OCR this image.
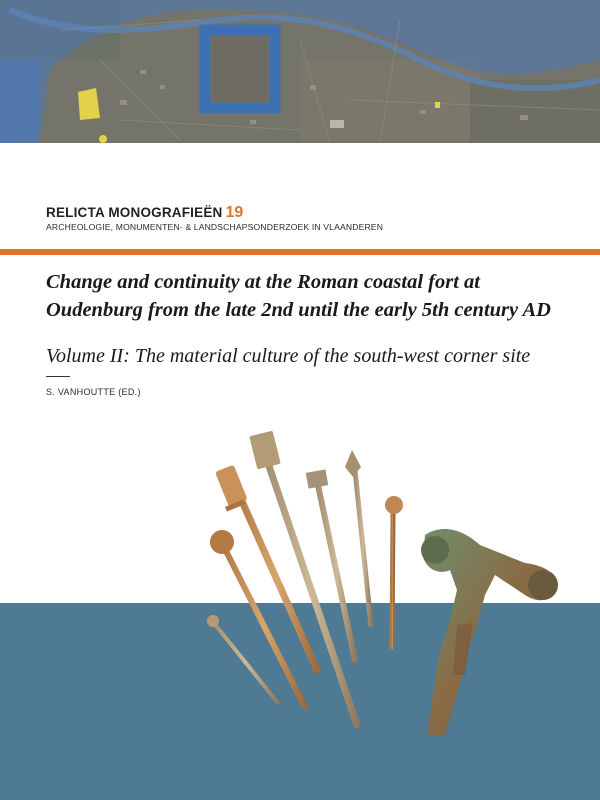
RELICTA MONOGRAFIEËN 19
ARCHEOLOGIE, MONUMENTEN- & LANDSCHAPSONDERZOEK IN VLAANDEREN
Change and continuity at the Roman coastal fort at
Oudenburg from the late 2nd until the early 5th century AD
Volume II: The material culture of the south-west corner site
S. VANHOUTTE (ED.)
